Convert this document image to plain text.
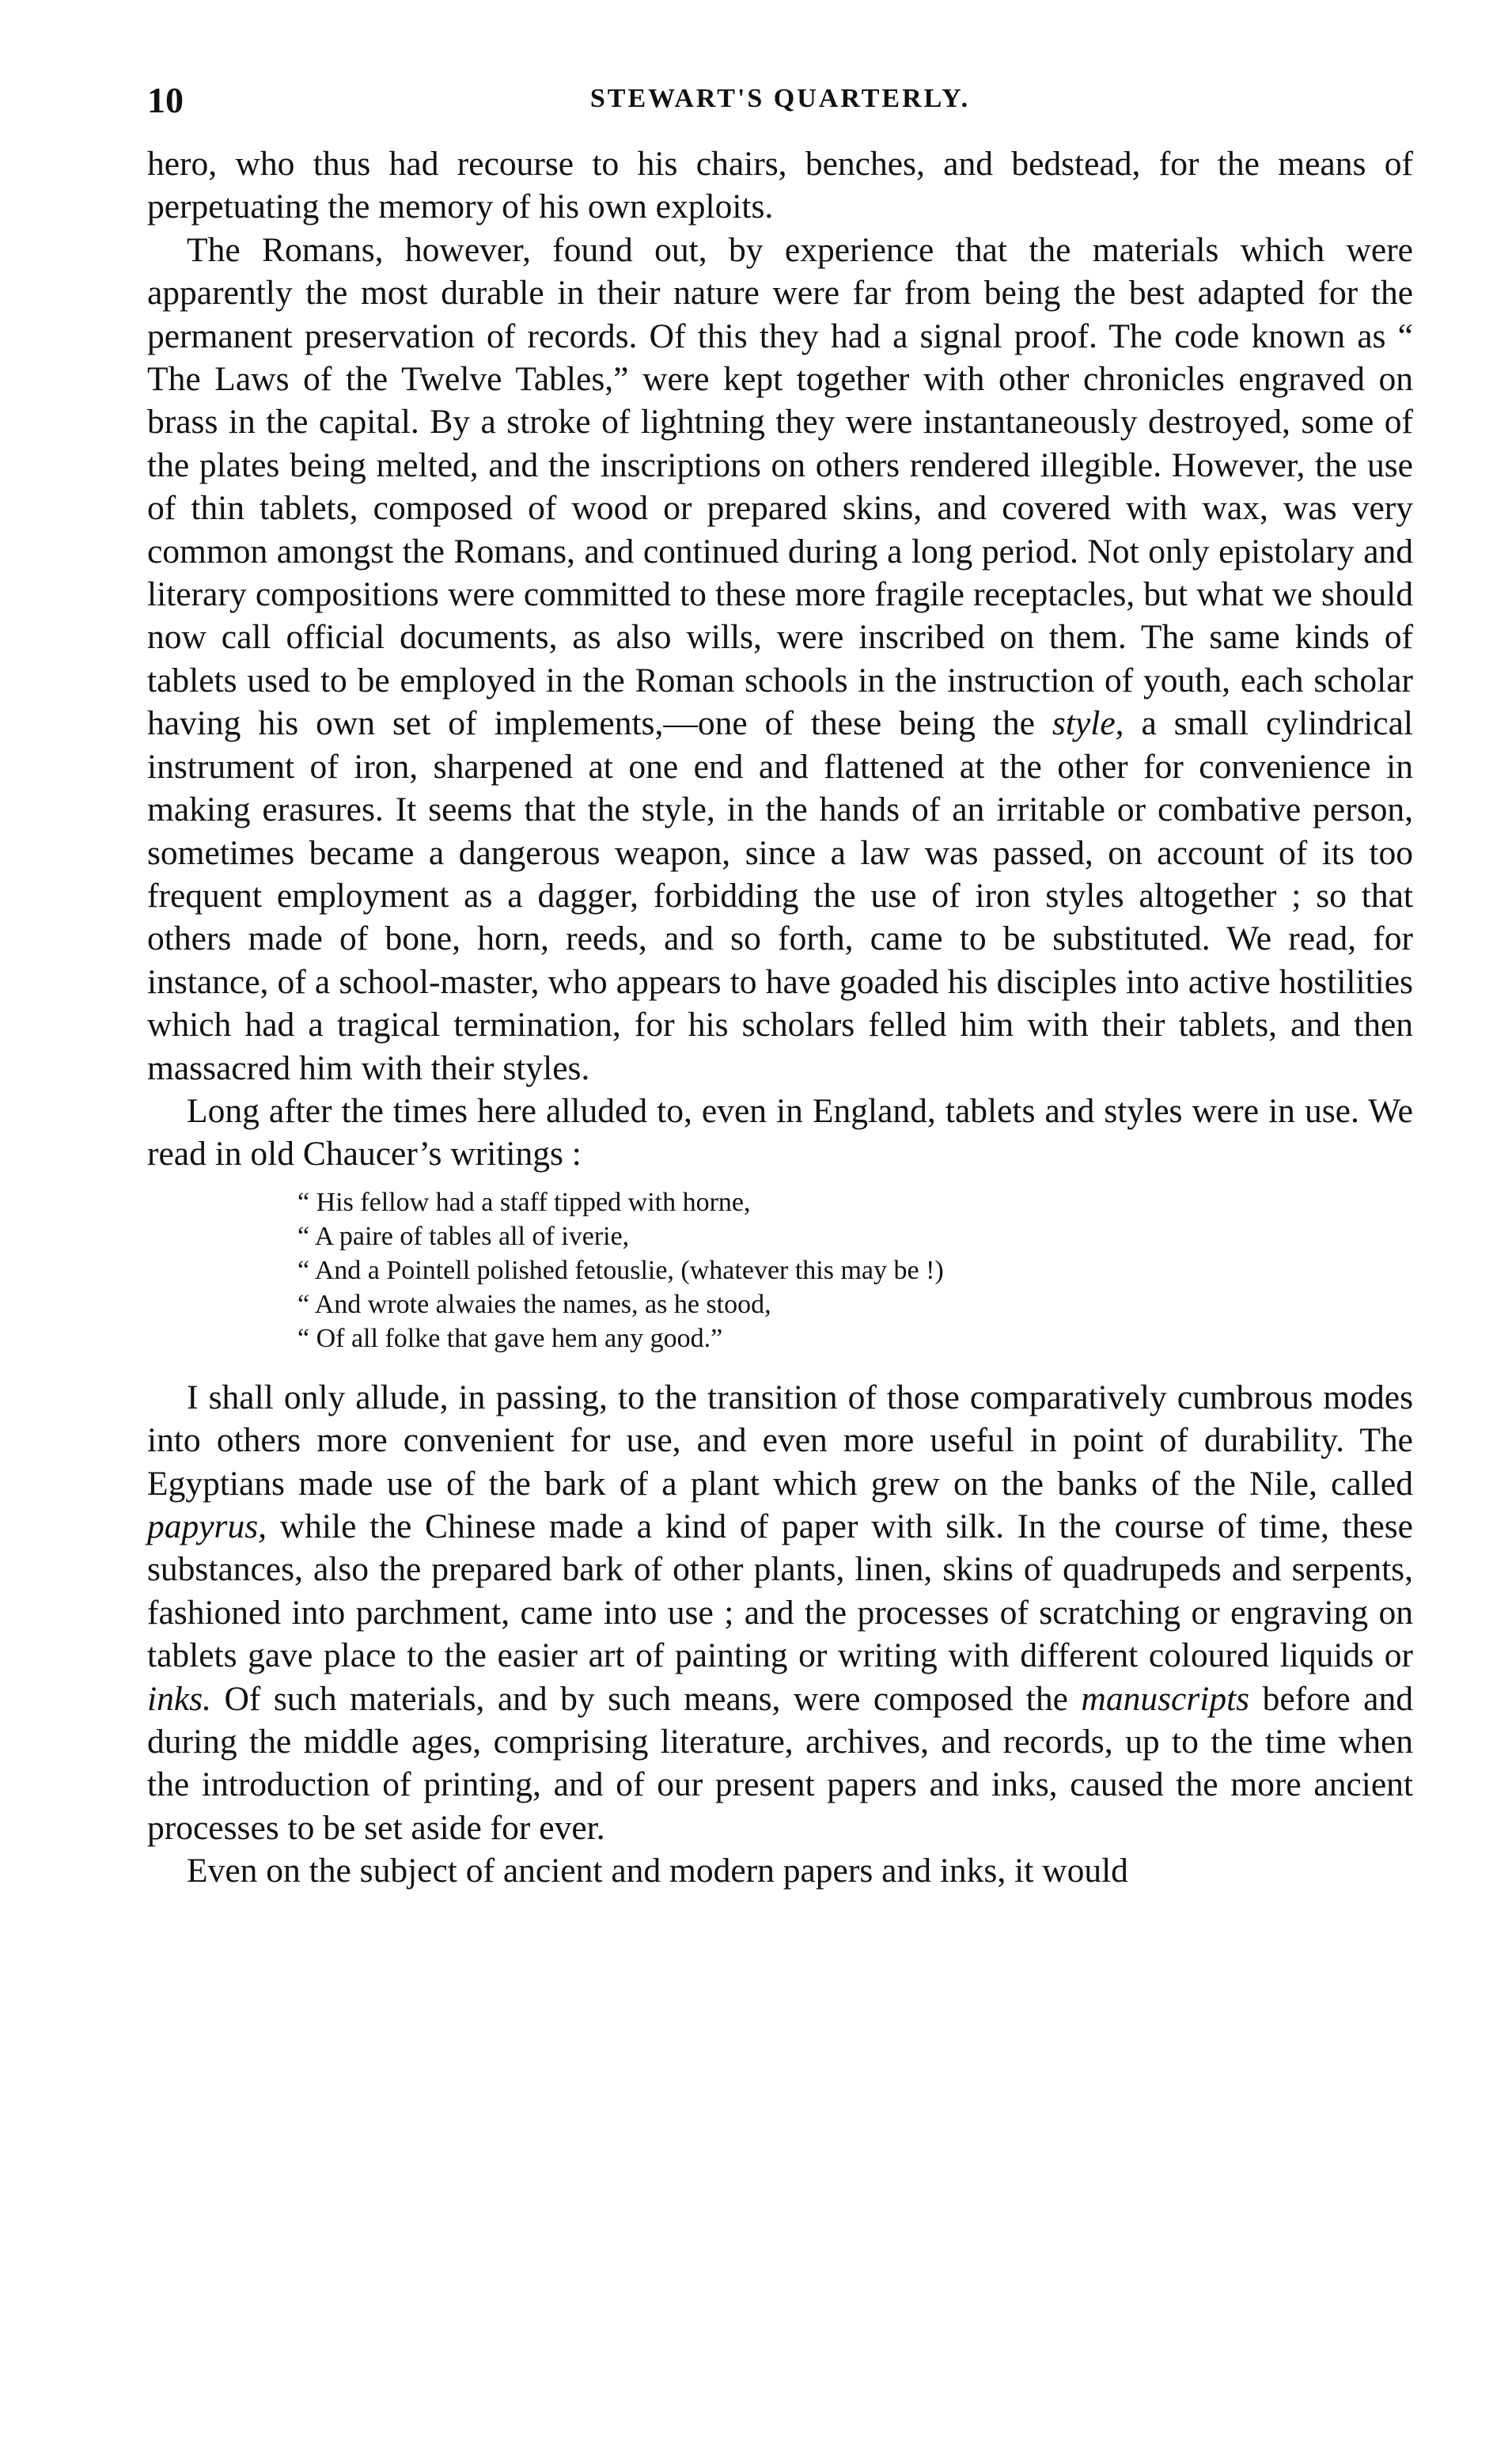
10	STEWART'S QUARTERLY.

hero, who thus had recourse to his chairs, benches, and bedstead, for the means of perpetuating the memory of his own exploits.

The Romans, however, found out, by experience that the materials which were apparently the most durable in their nature were far from being the best adapted for the permanent preservation of records. Of this they had a signal proof. The code known as “ The Laws of the Twelve Tables,” were kept together with other chronicles engraved on brass in the capital. By a stroke of lightning they were instantaneously destroyed, some of the plates being melted, and the inscriptions on others rendered illegible. However, the use of thin tablets, composed of wood or prepared skins, and covered with wax, was very common amongst the Romans, and continued during a long period. Not only epistolary and literary compositions were committed to these more fragile receptacles, but what we should now call official documents, as also wills, were inscribed on them. The same kinds of tablets used to be employed in the Roman schools in the instruction of youth, each scholar having his own set of implements,—one of these being the style, a small cylindrical instrument of iron, sharpened at one end and flattened at the other for convenience in making erasures. It seems that the style, in the hands of an irritable or combative person, sometimes became a dangerous weapon, since a law was passed, on account of its too frequent employment as a dagger, forbidding the use of iron styles altogether ; so that others made of bone, horn, reeds, and so forth, came to be substituted. We read, for instance, of a school-master, who appears to have goaded his disciples into active hostilities which had a tragical termination, for his scholars felled him with their tablets, and then massacred him with their styles.

Long after the times here alluded to, even in England, tablets and styles were in use. We read in old Chaucer’s writings :

“ His fellow had a staff tipped with horne,
“ A paire of tables all of iverie,
“ And a Pointell polished fetouslie, (whatever this may be !)
“ And wrote alwaies the names, as he stood,
“ Of all folke that gave hem any good.”

I shall only allude, in passing, to the transition of those comparatively cumbrous modes into others more convenient for use, and even more useful in point of durability. The Egyptians made use of the bark of a plant which grew on the banks of the Nile, called papyrus, while the Chinese made a kind of paper with silk. In the course of time, these substances, also the prepared bark of other plants, linen, skins of quadrupeds and serpents, fashioned into parchment, came into use ; and the processes of scratching or engraving on tablets gave place to the easier art of painting or writing with different coloured liquids or inks. Of such materials, and by such means, were composed the manuscripts before and during the middle ages, comprising literature, archives, and records, up to the time when the introduction of printing, and of our present papers and inks, caused the more ancient processes to be set aside for ever.

Even on the subject of ancient and modern papers and inks, it would
